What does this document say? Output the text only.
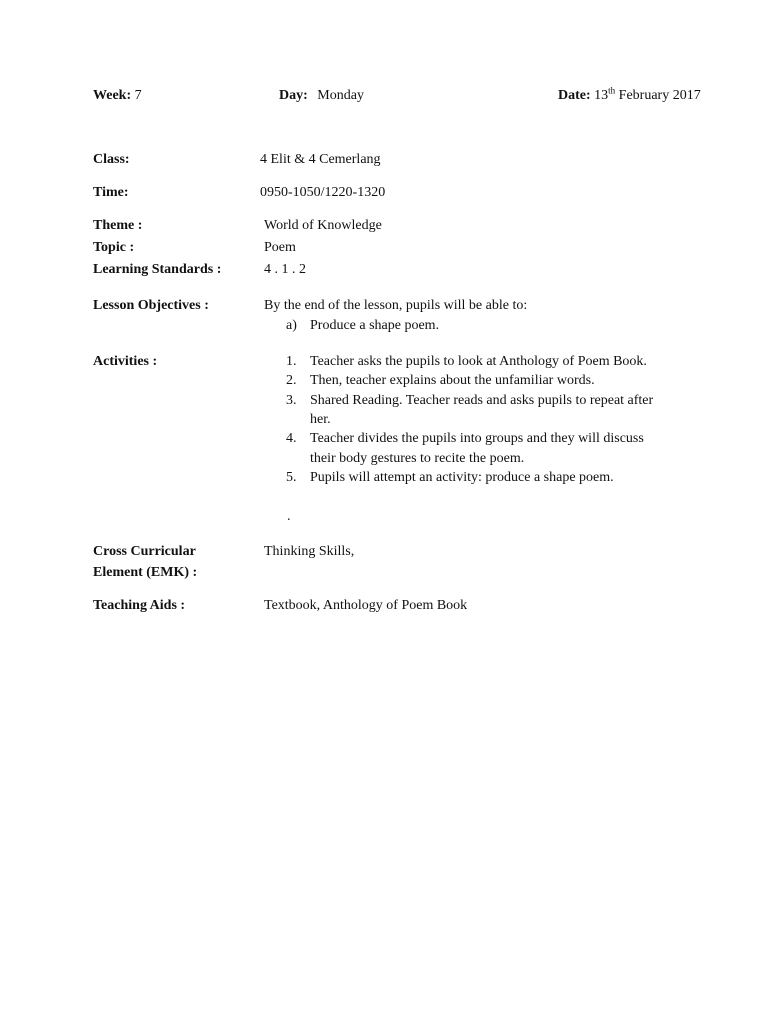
Week: 7	Day: Monday	Date: 13th February 2017
Class:	4 Elit & 4 Cemerlang
Time:	0950-1050/1220-1320
Theme :	World of Knowledge
Topic :	Poem
Learning Standards :	4 . 1 . 2
Lesson Objectives :	By the end of the lesson, pupils will be able to:
a) Produce a shape poem.
Activities :	1. Teacher asks the pupils to look at Anthology of Poem Book.
2. Then, teacher explains about the unfamiliar words.
3. Shared Reading. Teacher reads and asks pupils to repeat after
her.
4. Teacher divides the pupils into groups and they will discuss
their body gestures to recite the poem.
5. Pupils will attempt an activity: produce a shape poem.
.
Cross Curricular
Element (EMK) :
Thinking Skills,
Teaching Aids :	Textbook, Anthology of Poem Book
